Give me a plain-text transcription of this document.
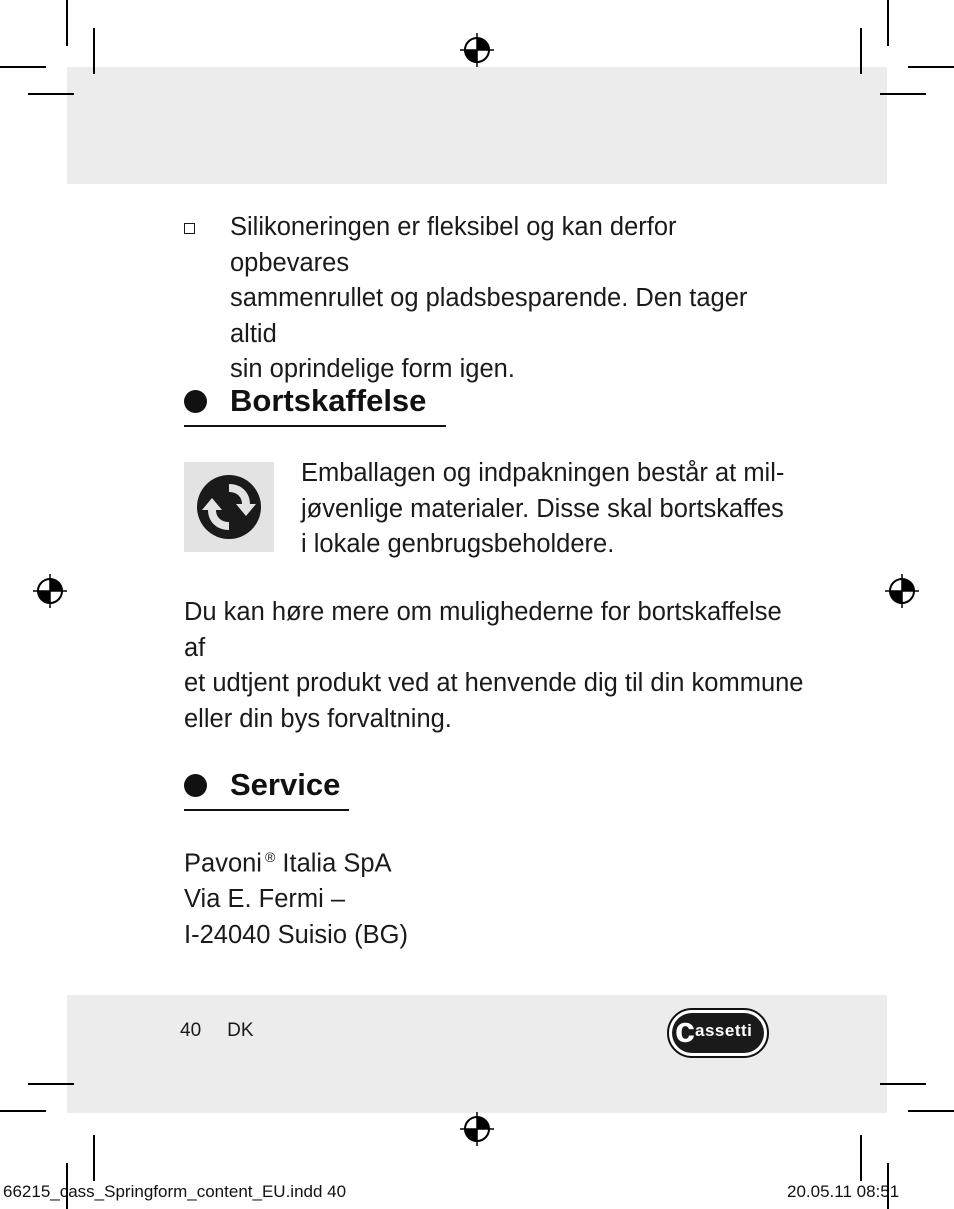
Silikoneringen er fleksibel og kan derfor opbevares
sammenrullet og pladsbesparende. Den tager altid
sin oprindelige form igen.
Bortskaffelse
Emballagen og indpakningen består at mil-
jøvenlige materialer. Disse skal bortskaffes
i lokale genbrugsbeholdere.
Du kan høre mere om mulighederne for bortskaffelse af
et udtjent produkt ved at henvende dig til din kommune
eller din bys forvaltning.
Service
Pavoni ® Italia SpA
Via E. Fermi –
I-24040 Suisio (BG)
40 DK	c assetti
66215_cass_Springform_content_EU.indd 40	20.05.11 08:51
